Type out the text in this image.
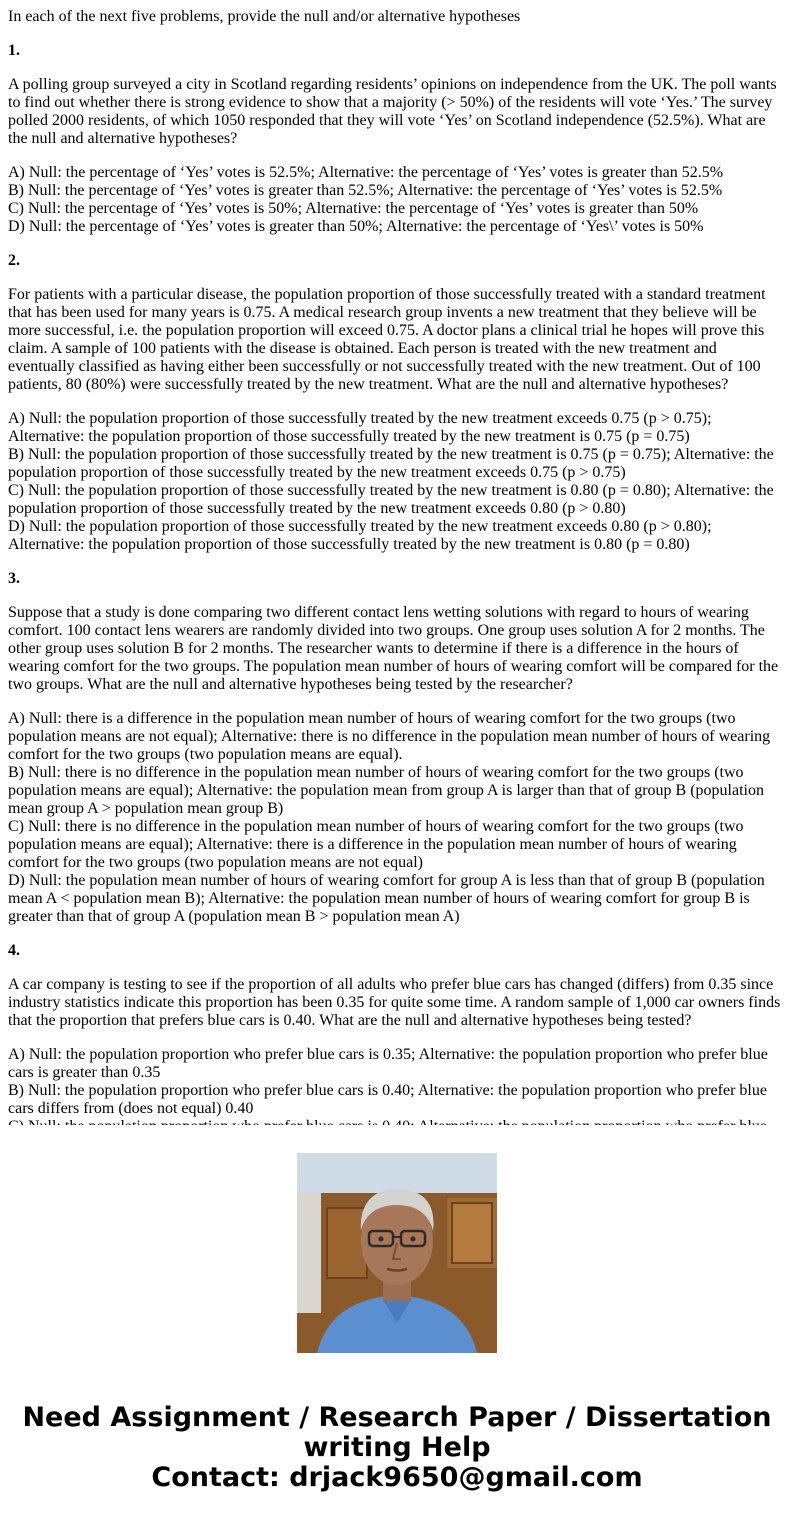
In each of the next five problems, provide the null and/or alternative hypotheses

1.

A polling group surveyed a city in Scotland regarding residents’ opinions on independence from the UK. The poll wants to find out whether there is strong evidence to show that a majority (> 50%) of the residents will vote ‘Yes.’ The survey polled 2000 residents, of which 1050 responded that they will vote ‘Yes’ on Scotland independence (52.5%). What are the null and alternative hypotheses?

A) Null: the percentage of ‘Yes’ votes is 52.5%; Alternative: the percentage of ‘Yes’ votes is greater than 52.5%
B) Null: the percentage of ‘Yes’ votes is greater than 52.5%; Alternative: the percentage of ‘Yes’ votes is 52.5%
C) Null: the percentage of ‘Yes’ votes is 50%; Alternative: the percentage of ‘Yes’ votes is greater than 50%
D) Null: the percentage of ‘Yes’ votes is greater than 50%; Alternative: the percentage of ‘Yes\’ votes is 50%

2.

For patients with a particular disease, the population proportion of those successfully treated with a standard treatment that has been used for many years is 0.75. A medical research group invents a new treatment that they believe will be more successful, i.e. the population proportion will exceed 0.75. A doctor plans a clinical trial he hopes will prove this claim. A sample of 100 patients with the disease is obtained. Each person is treated with the new treatment and eventually classified as having either been successfully or not successfully treated with the new treatment. Out of 100 patients, 80 (80%) were successfully treated by the new treatment. What are the null and alternative hypotheses?

A) Null: the population proportion of those successfully treated by the new treatment exceeds 0.75 (p > 0.75); Alternative: the population proportion of those successfully treated by the new treatment is 0.75 (p = 0.75)
B) Null: the population proportion of those successfully treated by the new treatment is 0.75 (p = 0.75); Alternative: the population proportion of those successfully treated by the new treatment exceeds 0.75 (p > 0.75)
C) Null: the population proportion of those successfully treated by the new treatment is 0.80 (p = 0.80); Alternative: the population proportion of those successfully treated by the new treatment exceeds 0.80 (p > 0.80)
D) Null: the population proportion of those successfully treated by the new treatment exceeds 0.80 (p > 0.80); Alternative: the population proportion of those successfully treated by the new treatment is 0.80 (p = 0.80)

3.

Suppose that a study is done comparing two different contact lens wetting solutions with regard to hours of wearing comfort. 100 contact lens wearers are randomly divided into two groups. One group uses solution A for 2 months. The other group uses solution B for 2 months. The researcher wants to determine if there is a difference in the hours of wearing comfort for the two groups. The population mean number of hours of wearing comfort will be compared for the two groups. What are the null and alternative hypotheses being tested by the researcher?

A) Null: there is a difference in the population mean number of hours of wearing comfort for the two groups (two population means are not equal); Alternative: there is no difference in the population mean number of hours of wearing comfort for the two groups (two population means are equal).
B) Null: there is no difference in the population mean number of hours of wearing comfort for the two groups (two population means are equal); Alternative: the population mean from group A is larger than that of group B (population mean group A > population mean group B)
C) Null: there is no difference in the population mean number of hours of wearing comfort for the two groups (two population means are equal); Alternative: there is a difference in the population mean number of hours of wearing comfort for the two groups (two population means are not equal)
D) Null: the population mean number of hours of wearing comfort for group A is less than that of group B (population mean A < population mean B); Alternative: the population mean number of hours of wearing comfort for group B is greater than that of group A (population mean B > population mean A)

4.

A car company is testing to see if the proportion of all adults who prefer blue cars has changed (differs) from 0.35 since industry statistics indicate this proportion has been 0.35 for quite some time. A random sample of 1,000 car owners finds that the proportion that prefers blue cars is 0.40. What are the null and alternative hypotheses being tested?

A) Null: the population proportion who prefer blue cars is 0.35; Alternative: the population proportion who prefer blue cars is greater than 0.35
B) Null: the population proportion who prefer blue cars is 0.40; Alternative: the population proportion who prefer blue cars differs from (does not equal) 0.40
Need Assignment / Research Paper / Dissertation
writing Help
Contact: drjack9650@gmail.com
